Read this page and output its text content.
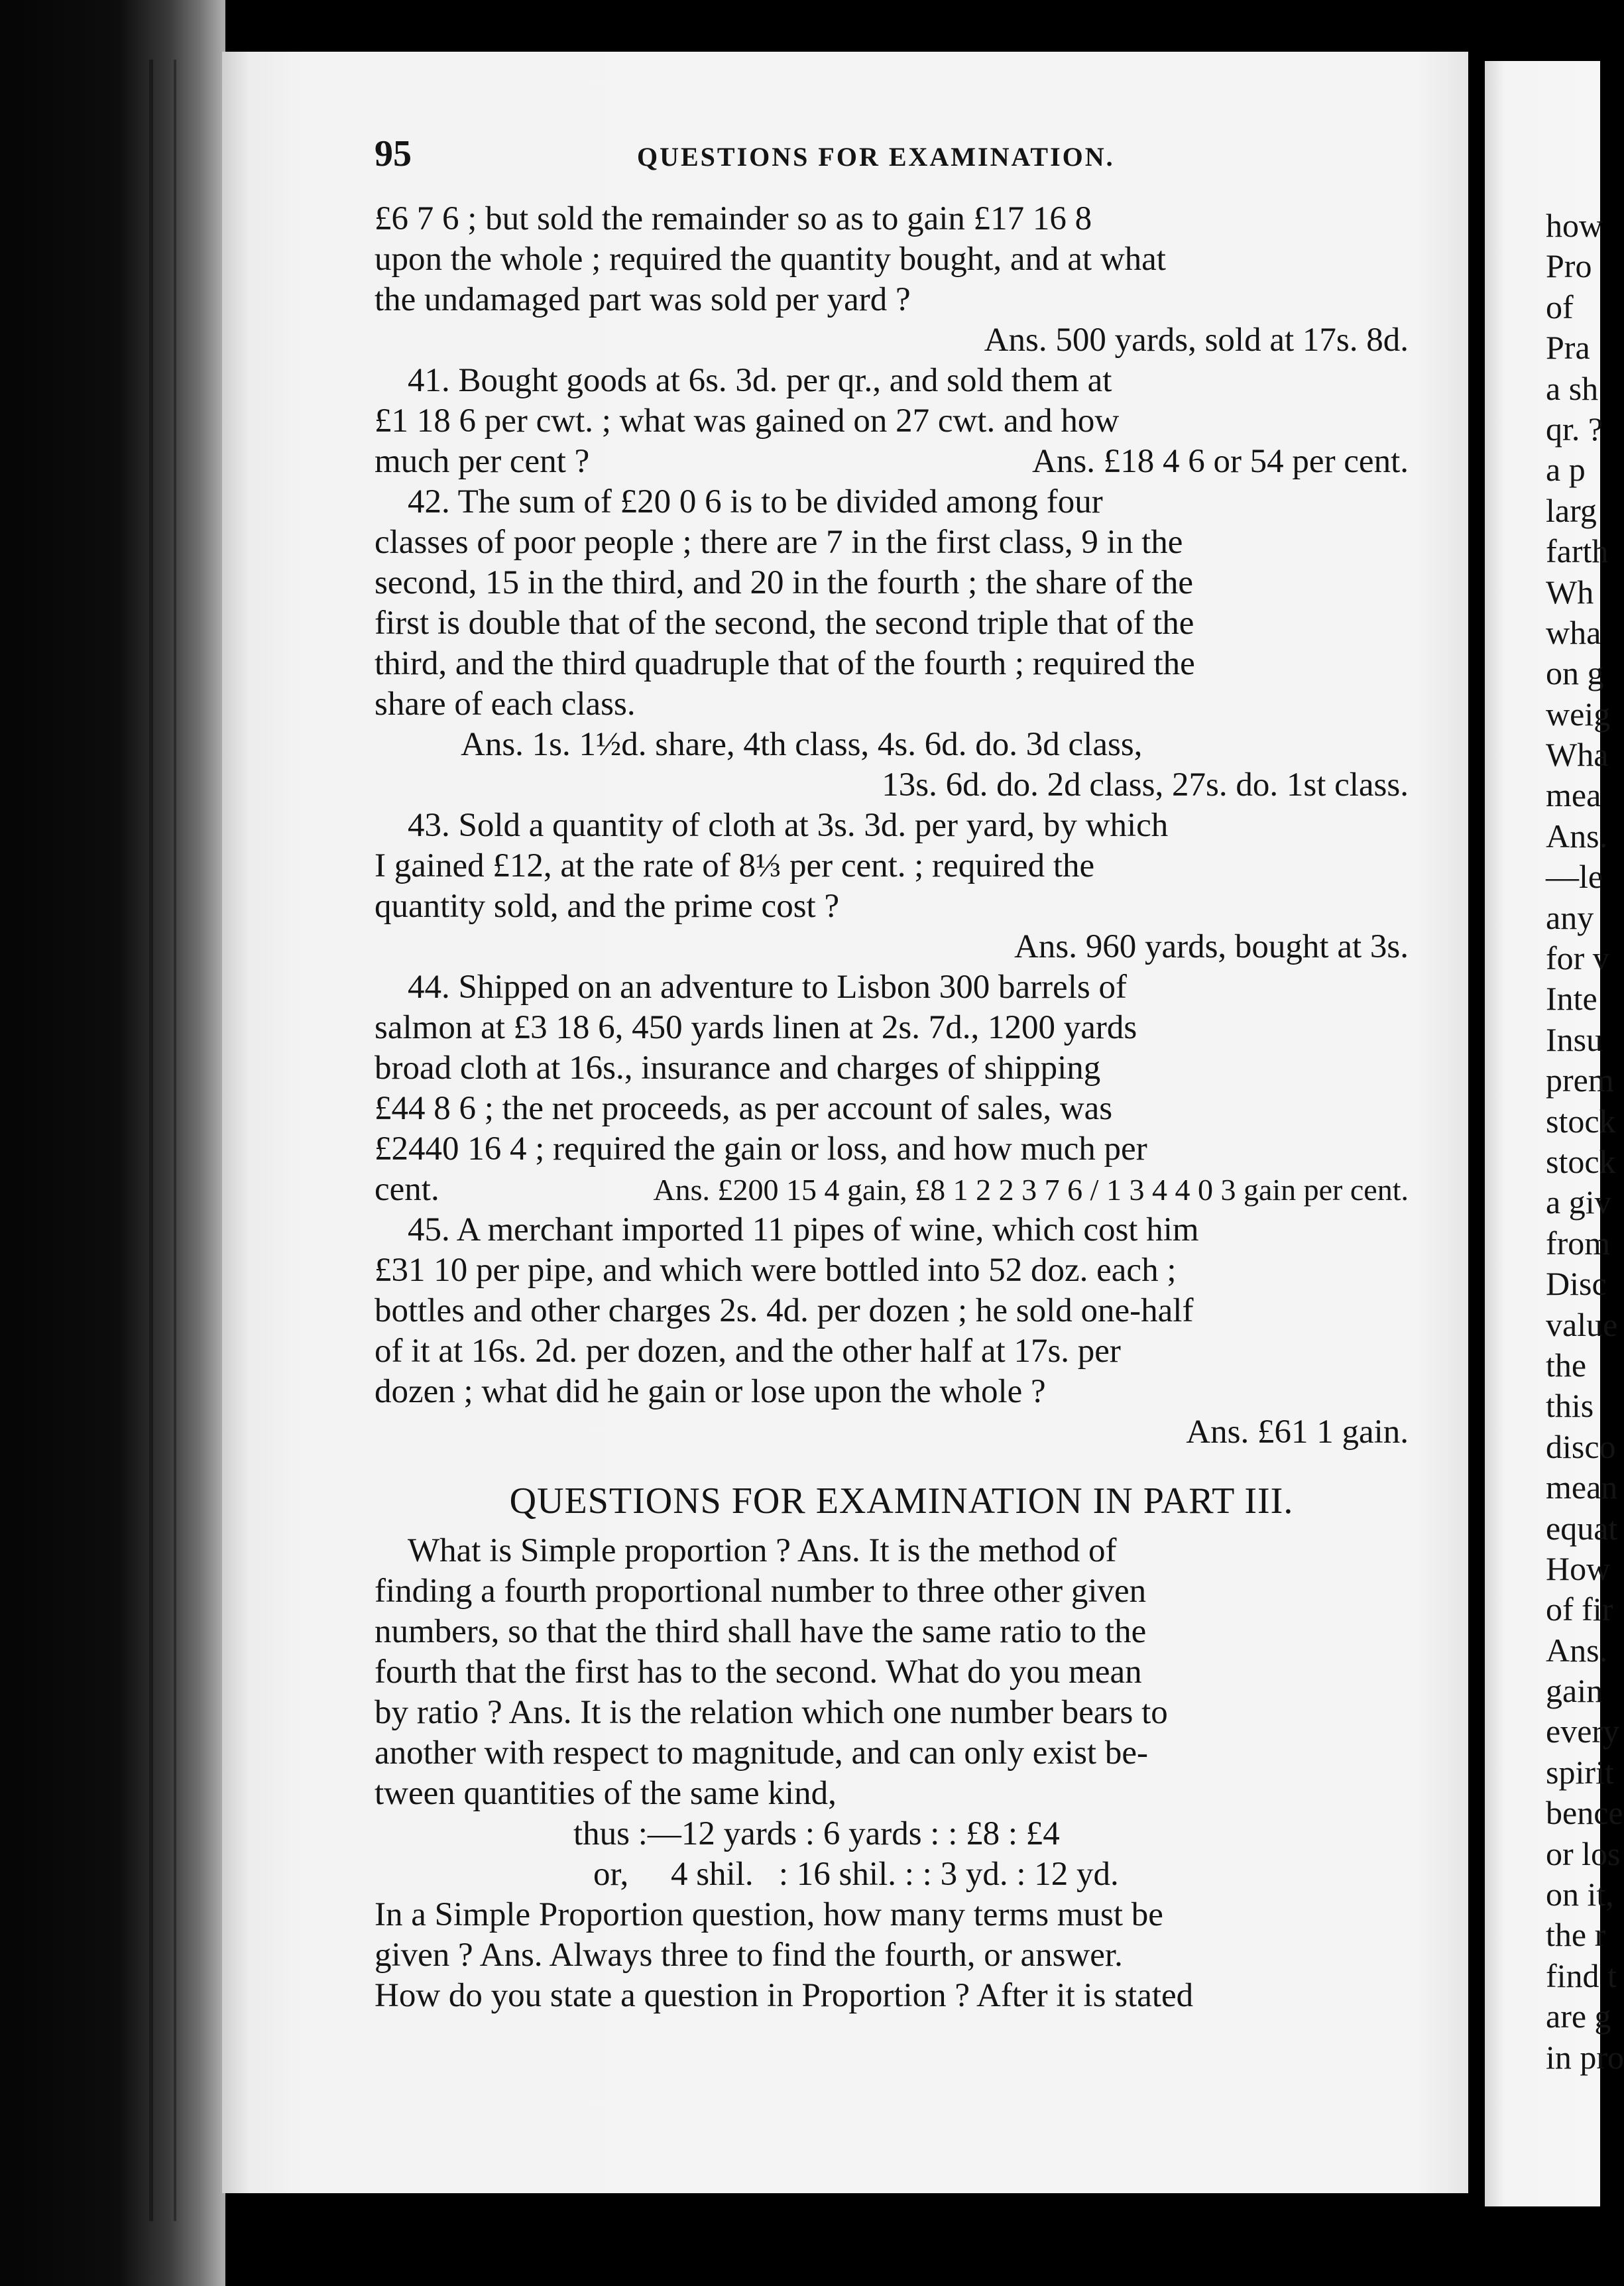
95	QUESTIONS FOR EXAMINATION.
£6 7 6 ; but sold the remainder so as to gain £17 16 8
upon the whole ; required the quantity bought, and at what
the undamaged part was sold per yard ?
Ans. 500 yards, sold at 17s. 8d.
41. Bought goods at 6s. 3d. per qr., and sold them at
£1 18 6 per cwt. ; what was gained on 27 cwt. and how
much per cent ?	Ans. £18 4 6 or 54 per cent.
42. The sum of £20 0 6 is to be divided among four
classes of poor people ; there are 7 in the first class, 9 in the
second, 15 in the third, and 20 in the fourth ; the share of the
first is double that of the second, the second triple that of the
third, and the third quadruple that of the fourth ; required the
share of each class.
Ans. 1s. 1½d. share, 4th class, 4s. 6d. do. 3d class,
13s. 6d. do. 2d class, 27s. do. 1st class.
43. Sold a quantity of cloth at 3s. 3d. per yard, by which
I gained £12, at the rate of 8⅓ per cent. ; required the
quantity sold, and the prime cost ?
Ans. 960 yards, bought at 3s.
44. Shipped on an adventure to Lisbon 300 barrels of
salmon at £3 18 6, 450 yards linen at 2s. 7d., 1200 yards
broad cloth at 16s., insurance and charges of shipping
£44 8 6 ; the net proceeds, as per account of sales, was
£2440 16 4 ; required the gain or loss, and how much per
cent.	Ans. £200 15 4 gain, £8 1 2 2 3 7 6 / 1 3 4 4 0 3 gain per cent.
45. A merchant imported 11 pipes of wine, which cost him
£31 10 per pipe, and which were bottled into 52 doz. each ;
bottles and other charges 2s. 4d. per dozen ; he sold one-half
of it at 16s. 2d. per dozen, and the other half at 17s. per
dozen ; what did he gain or lose upon the whole ?
Ans. £61 1 gain.
QUESTIONS FOR EXAMINATION IN PART III.
What is Simple proportion ? Ans. It is the method of
finding a fourth proportional number to three other given
numbers, so that the third shall have the same ratio to the
fourth that the first has to the second. What do you mean
by ratio ? Ans. It is the relation which one number bears to
another with respect to magnitude, and can only exist be-
tween quantities of the same kind,
thus :—12 yards : 6 yards : : £8 : £4
or,     4 shil.   : 16 shil. : : 3 yd. : 12 yd.
In a Simple Proportion question, how many terms must be
given ? Ans. Always three to find the fourth, or answer.
How do you state a question in Proportion ? After it is stated
how
Pro
of
Pra
a sh
qr. ?
a p
larg
farth
Wh
wha
on g
weig
Wha
mea
Ans.
—le
any
for v
Inte
Insu
prem
stock
stock
a giv
from
Disc
value
the
this
disco
mean
equat
How
of fir
Ans.
gain
every
spirit
bence
or los
on it,
the r
find t
are g
in pro
